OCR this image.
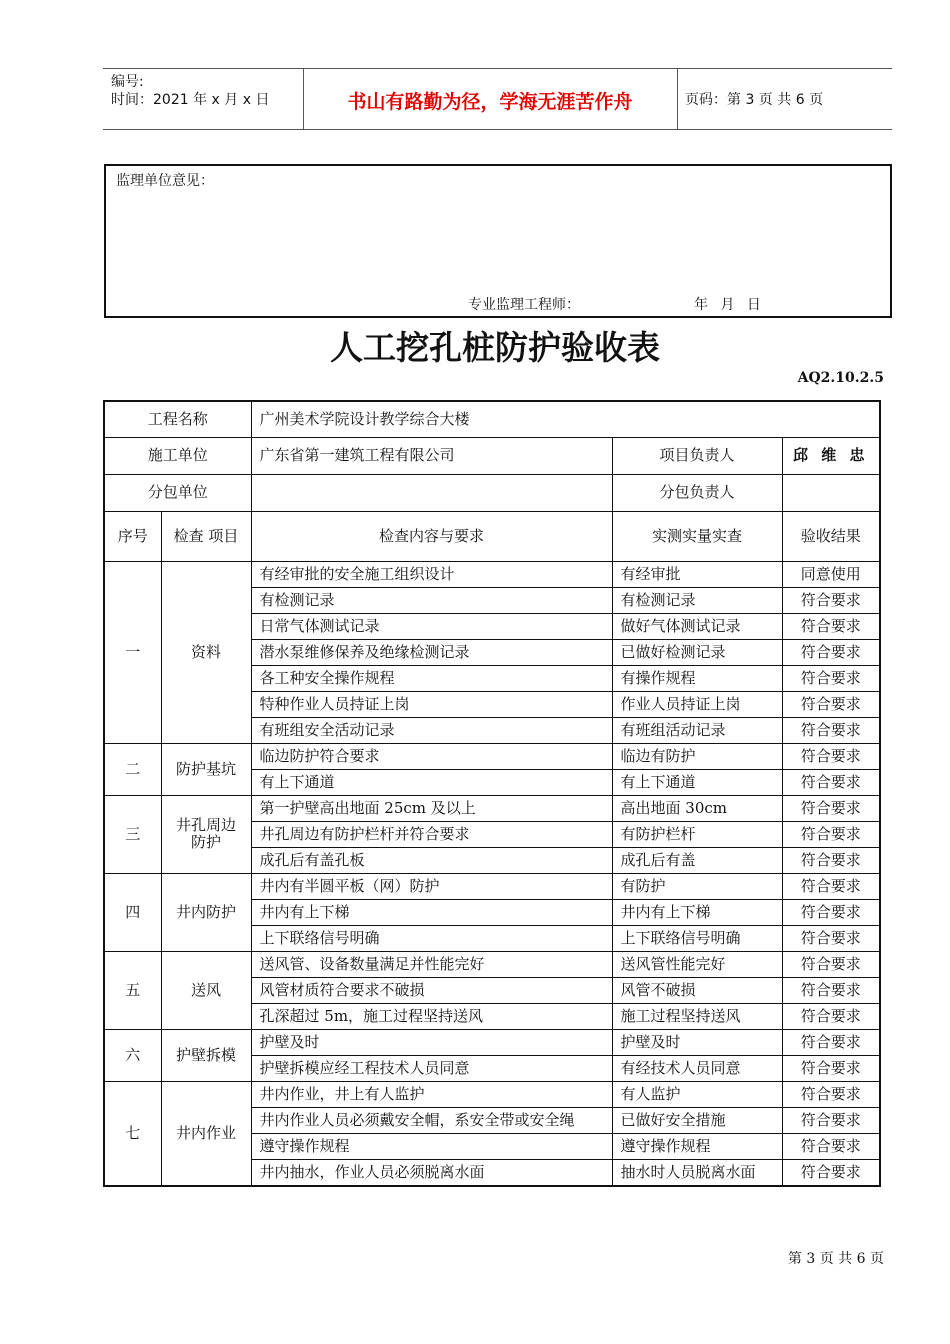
编号:
时间：2021 年 x 月 x 日	书山有路勤为径，学海无涯苦作舟	页码：第 3 页 共 6 页
监理单位意见：
专业监理工程师：	年 月 日
人工挖孔桩防护验收表
AQ2.10.2.5
工程名称		广州美术学院设计教学综合大楼		
施工单位		广东省第一建筑工程有限公司	项目负责人	邱 维 忠
分包单位			分包负责人	
序号	检查 项目	检查内容与要求	实测实量实查	验收结果
一	资料	有经审批的安全施工组织设计	有经审批	同意使用
		有检测记录	有检测记录	符合要求
		日常气体测试记录	做好气体测试记录	符合要求
		潜水泵维修保养及绝缘检测记录	已做好检测记录	符合要求
		各工种安全操作规程	有操作规程	符合要求
		特种作业人员持证上岗	作业人员持证上岗	符合要求
		有班组安全活动记录	有班组活动记录	符合要求
二	防护基坑	临边防护符合要求	临边有防护	符合要求
		有上下通道	有上下通道	符合要求
三	井孔周边防护	第一护壁高出地面 25cm 及以上	高出地面 30cm	符合要求
		井孔周边有防护栏杆并符合要求	有防护栏杆	符合要求
		成孔后有盖孔板	成孔后有盖	符合要求
四	井内防护	井内有半圆平板（网）防护	有防护	符合要求
		井内有上下梯	井内有上下梯	符合要求
		上下联络信号明确	上下联络信号明确	符合要求
五	送风	送风管、设备数量满足并性能完好	送风管性能完好	符合要求
		风管材质符合要求不破损	风管不破损	符合要求
		孔深超过 5m，施工过程坚持送风	施工过程坚持送风	符合要求
六	护壁拆模	护壁及时	护壁及时	符合要求
		护壁拆模应经工程技术人员同意	有经技术人员同意	符合要求
七	井内作业	井内作业，井上有人监护	有人监护	符合要求
		井内作业人员必须戴安全帽，系安全带或安全绳	已做好安全措施	符合要求
		遵守操作规程	遵守操作规程	符合要求
		井内抽水，作业人员必须脱离水面	抽水时人员脱离水面	符合要求
第 3 页 共 6 页
